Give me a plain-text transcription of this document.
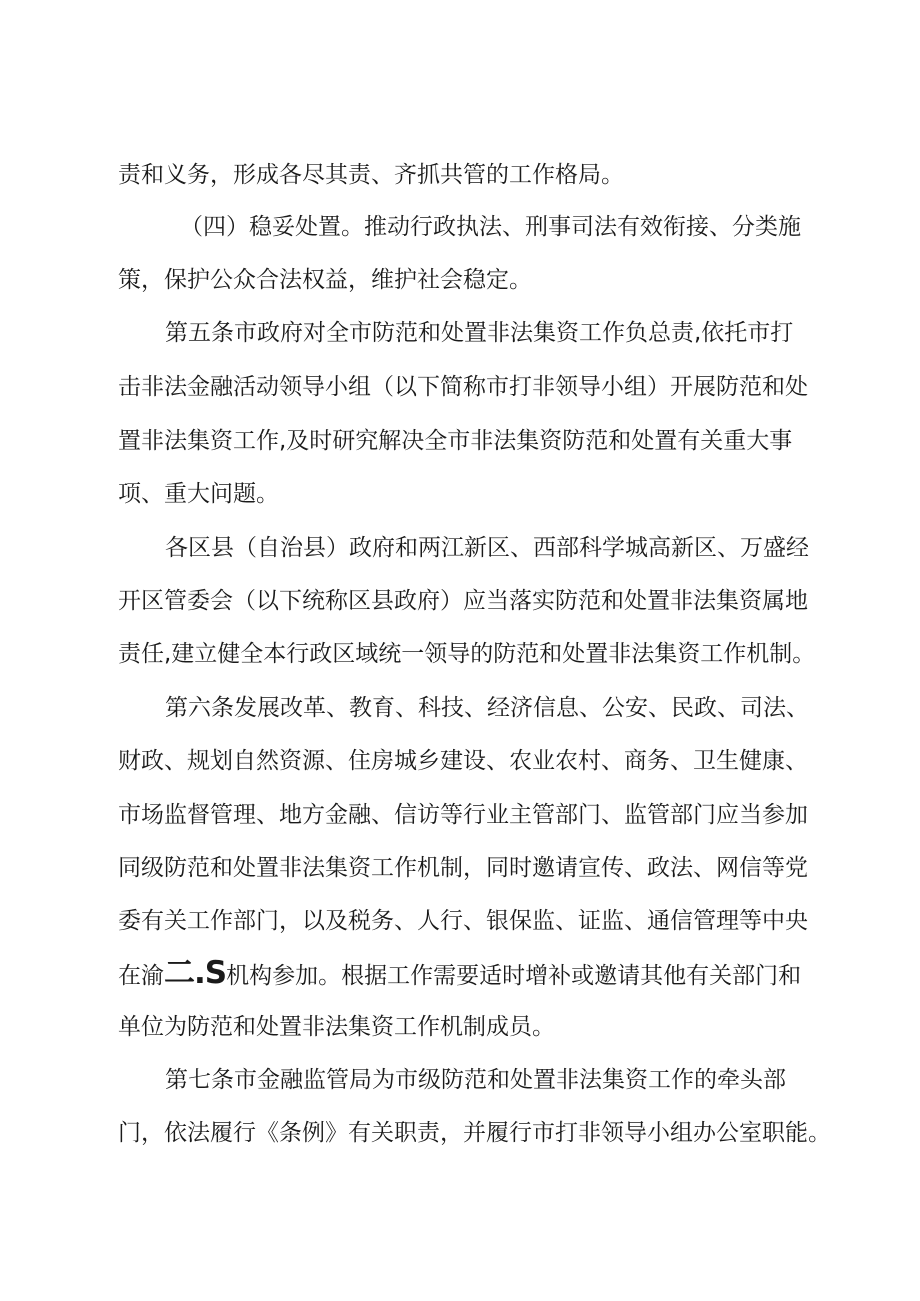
责和义务，形成各尽其责、齐抓共管的工作格局。
（四）稳妥处置。推动行政执法、刑事司法有效衔接、分类施
策，保护公众合法权益，维护社会稳定。
第五条市政府对全市防范和处置非法集资工作负总责,依托市打
击非法金融活动领导小组（以下简称市打非领导小组）开展防范和处
置非法集资工作,及时研究解决全市非法集资防范和处置有关重大事
项、重大问题。
各区县（自治县）政府和两江新区、西部科学城高新区、万盛经
开区管委会（以下统称区县政府）应当落实防范和处置非法集资属地
责任,建立健全本行政区域统一领导的防范和处置非法集资工作机制。
第六条发展改革、教育、科技、经济信息、公安、民政、司法、
财政、规划自然资源、住房城乡建设、农业农村、商务、卫生健康、
市场监督管理、地方金融、信访等行业主管部门、监管部门应当参加
同级防范和处置非法集资工作机制，同时邀请宣传、政法、网信等党
委有关工作部门，以及税务、人行、银保监、证监、通信管理等中央
在渝二.S机构参加。根据工作需要适时增补或邀请其他有关部门和
单位为防范和处置非法集资工作机制成员。
第七条市金融监管局为市级防范和处置非法集资工作的牵头部
门，依法履行《条例》有关职责，并履行市打非领导小组办公室职能。
